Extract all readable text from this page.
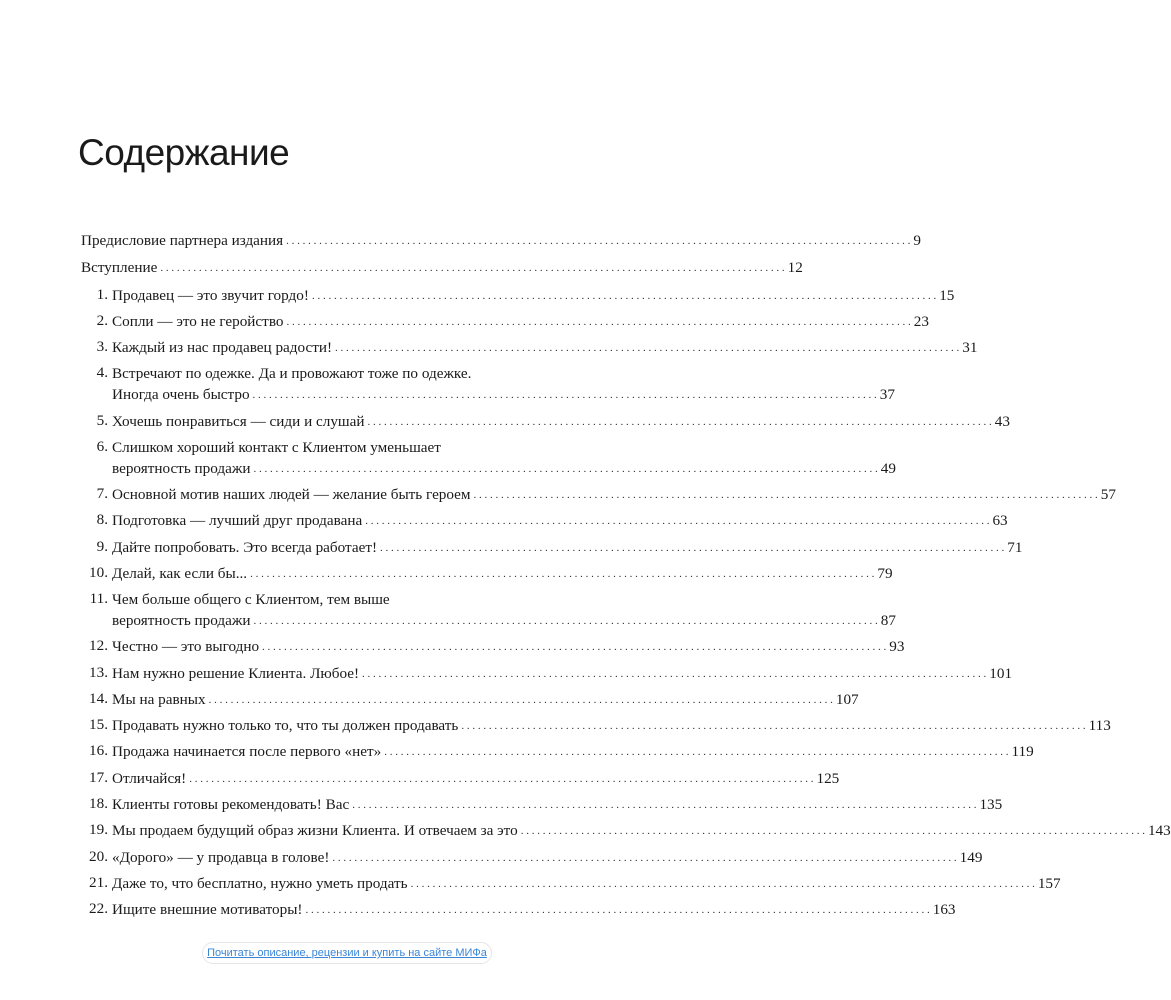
Содержание
Предисловие партнера издания . . .	9
Вступление . . .	12
1. Продавец — это звучит гордо! . . .	15
2. Сопли — это не геройство . . .	23
3. Каждый из нас продавец радости! . . .	31
4. Встречают по одежке. Да и провожают тоже по одежке.
Иногда очень быстро . . .	37
5. Хочешь понравиться — сиди и слушай . . .	43
6. Слишком хороший контакт с Клиентом уменьшает
вероятность продажи . . .	49
7. Основной мотив наших людей — желание быть героем . . .	57
8. Подготовка — лучший друг продавана . . .	63
9. Дайте попробовать. Это всегда работает! . . .	71
10. Делай, как если бы... . . .	79
11. Чем больше общего с Клиентом, тем выше
вероятность продажи . . .	87
12. Честно — это выгодно . . .	93
13. Нам нужно решение Клиента. Любое! . . .	101
14. Мы на равных . . .	107
15. Продавать нужно только то, что ты должен продавать . . .	113
16. Продажа начинается после первого «нет» . . .	119
17. Отличайся! . . .	125
18. Клиенты готовы рекомендовать! Вас . . .	135
19. Мы продаем будущий образ жизни Клиента. И отвечаем за это . . .	143
20. «Дорого» — у продавца в голове! . . .	149
21. Даже то, что бесплатно, нужно уметь продать . . .	157
22. Ищите внешние мотиваторы! . . .	163
Почитать описание, рецензии и купить на сайте МИФа
